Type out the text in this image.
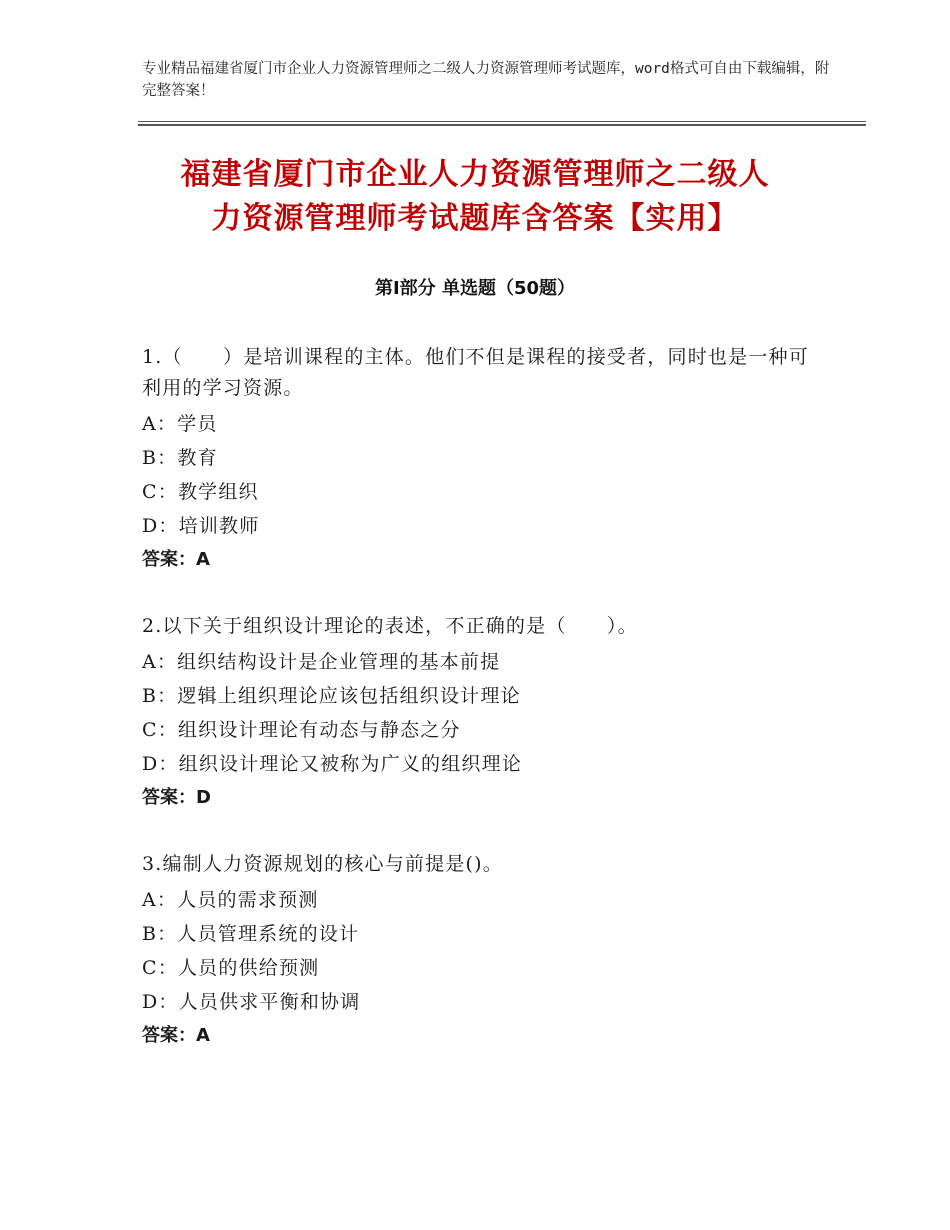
专业精品福建省厦门市企业人力资源管理师之二级人力资源管理师考试题库，word格式可自由下载编辑，附完整答案！
福建省厦门市企业人力资源管理师之二级人
力资源管理师考试题库含答案【实用】
第Ⅰ部分 单选题（50题）
1.（　　）是培训课程的主体。他们不但是课程的接受者，同时也是一种可利用的学习资源。
A：学员
B：教育
C：教学组织
D：培训教师
答案：A
2.以下关于组织设计理论的表述，不正确的是（　　）。
A：组织结构设计是企业管理的基本前提
B：逻辑上组织理论应该包括组织设计理论
C：组织设计理论有动态与静态之分
D：组织设计理论又被称为广义的组织理论
答案：D
3.编制人力资源规划的核心与前提是()。
A：人员的需求预测
B：人员管理系统的设计
C：人员的供给预测
D：人员供求平衡和协调
答案：A
